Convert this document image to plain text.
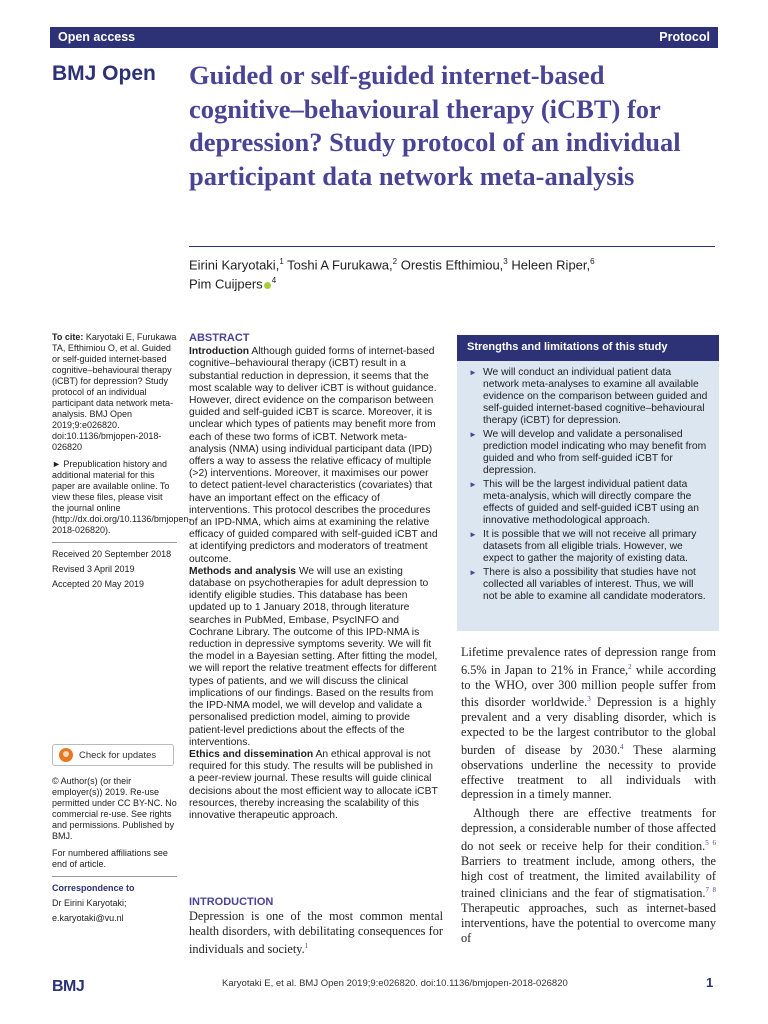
Open access	Protocol
BMJ Open Guided or self-guided internet-based cognitive–behavioural therapy (iCBT) for depression? Study protocol of an individual participant data network meta-analysis
Eirini Karyotaki,$^1$ Toshi A Furukawa,$^2$ Orestis Efthimiou,$^3$ Heleen Riper,$^6$
Pim Cuijpers $^4$

To cite: Karyotaki E, Furukawa TA, Efthimiou O, et al. Guided or self-guided internet-based cognitive–behavioural therapy (iCBT) for depression? Study protocol of an individual participant data network meta-analysis. BMJ Open 2019;9:e026820. doi:10.1136/bmjopen-2018-026820

► Prepublication history and additional material for this paper are available online. To view these files, please visit the journal online (http://dx.doi.org/10.1136/bmjopen-2018-026820).

Received 20 September 2018

Revised 3 April 2019

Accepted 20 May 2019

Check for updates

© Author(s) (or their employer(s)) 2019. Re-use permitted under CC BY-NC. No commercial re-use. See rights and permissions. Published by BMJ.

For numbered affiliations see end of article.

Correspondence to

Dr Eirini Karyotaki;

e.karyotaki@vu.nl

ABSTRACT

Introduction Although guided forms of internet-based cognitive–behavioural therapy (iCBT) result in a substantial reduction in depression, it seems that the most scalable way to deliver iCBT is without guidance. However, direct evidence on the comparison between guided and self-guided iCBT is scarce. Moreover, it is unclear which types of patients may benefit more from each of these two forms of iCBT. Network meta-analysis (NMA) using individual participant data (IPD) offers a way to assess the relative efficacy of multiple (>2) interventions. Moreover, it maximises our power to detect patient-level characteristics (covariates) that have an important effect on the efficacy of interventions. This protocol describes the procedures of an IPD-NMA, which aims at examining the relative efficacy of guided compared with self-guided iCBT and at identifying predictors and moderators of treatment outcome.

Methods and analysis We will use an existing database on psychotherapies for adult depression to identify eligible studies. This database has been updated up to 1 January 2018, through literature searches in PubMed, Embase, PsycINFO and Cochrane Library. The outcome of this IPD-NMA is reduction in depressive symptoms severity. We will fit the model in a Bayesian setting. After fitting the model, we will report the relative treatment effects for different types of patients, and we will discuss the clinical implications of our findings. Based on the results from the IPD-NMA model, we will develop and validate a personalised prediction model, aiming to provide patient-level predictions about the effects of the interventions.

Ethics and dissemination An ethical approval is not required for this study. The results will be published in a peer-review journal. These results will guide clinical decisions about the most efficient way to allocate iCBT resources, thereby increasing the scalability of this innovative therapeutic approach.

Strengths and limitations of this study
► We will conduct an individual patient data network meta-analyses to examine all available evidence on the comparison between guided and self-guided internet-based cognitive–behavioural therapy (iCBT) for depression.
► We will develop and validate a personalised prediction model indicating who may benefit from guided and who from self-guided iCBT for depression.
► This will be the largest individual patient data meta-analysis, which will directly compare the effects of guided and self-guided iCBT using an innovative methodological approach.
► It is possible that we will not receive all primary datasets from all eligible trials. However, we expect to gather the majority of existing data.
► There is also a possibility that studies have not collected all variables of interest. Thus, we will not be able to examine all candidate moderators.

Lifetime prevalence rates of depression range from 6.5% in Japan to 21% in France,$^2$ while according to the WHO, over 300 million people suffer from this disorder worldwide.$^3$ Depression is a highly prevalent and a very disabling disorder, which is expected to be the largest contributor to the global burden of disease by 2030.$^4$ These alarming observations underline the necessity to provide effective treatment to all individuals with depression in a timely manner.

Although there are effective treatments for depression, a considerable number of those affected do not seek or receive help for their condition.$^{5 6}$ Barriers to treatment include, among others, the high cost of treatment, the limited availability of trained clinicians and the fear of stigmatisation.$^{7 8}$ Therapeutic approaches, such as internet-based interventions, have the potential to overcome many of

INTRODUCTION
Depression is one of the most common mental health disorders, with debilitating consequences for individuals and society.$^1$
BMJ	Karyotaki E, et al. BMJ Open 2019;9:e026820. doi:10.1136/bmjopen-2018-026820	1
